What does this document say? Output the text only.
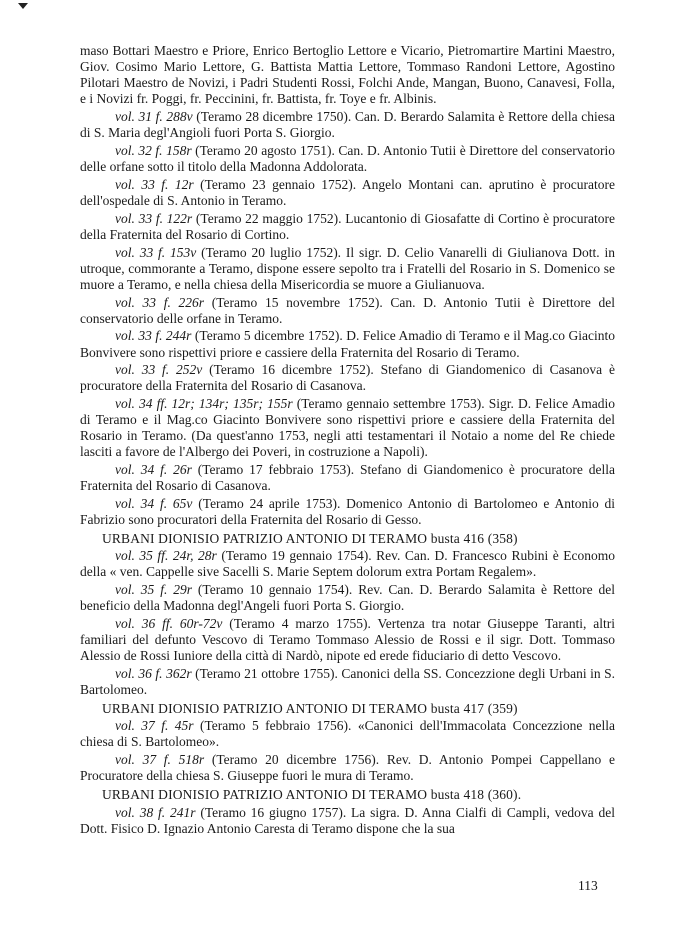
maso Bottari Maestro e Priore, Enrico Bertoglio Lettore e Vicario, Pietromartire Martini Maestro, Giov. Cosimo Mario Lettore, G. Battista Mattia Lettore, Tommaso Randoni Lettore, Agostino Pilotari Maestro de Novizi, i Padri Studenti Rossi, Folchi Ande, Mangan, Buono, Canavesi, Folla, e i Novizi fr. Poggi, fr. Peccinini, fr. Battista, fr. Toye e fr. Albinis.

vol. 31 f. 288v (Teramo 28 dicembre 1750). Can. D. Berardo Salamita è Rettore della chiesa di S. Maria degl'Angioli fuori Porta S. Giorgio.

vol. 32 f. 158r (Teramo 20 agosto 1751). Can. D. Antonio Tutii è Direttore del conservatorio delle orfane sotto il titolo della Madonna Addolorata.

vol. 33 f. 12r (Teramo 23 gennaio 1752). Angelo Montani can. aprutino è procuratore dell'ospedale di S. Antonio in Teramo.

vol. 33 f. 122r (Teramo 22 maggio 1752). Lucantonio di Giosafatte di Cortino è procuratore della Fraternita del Rosario di Cortino.

vol. 33 f. 153v (Teramo 20 luglio 1752). Il sigr. D. Celio Vanarelli di Giulianova Dott. in utroque, commorante a Teramo, dispone essere sepolto tra i Fratelli del Rosario in S. Domenico se muore a Teramo, e nella chiesa della Misericordia se muore a Giulianuova.

vol. 33 f. 226r (Teramo 15 novembre 1752). Can. D. Antonio Tutii è Direttore del conservatorio delle orfane in Teramo.

vol. 33 f. 244r (Teramo 5 dicembre 1752). D. Felice Amadio di Teramo e il Mag.co Giacinto Bonvivere sono rispettivi priore e cassiere della Fraternita del Rosario di Teramo.

vol. 33 f. 252v (Teramo 16 dicembre 1752). Stefano di Giandomenico di Casanova è procuratore della Fraternita del Rosario di Casanova.

vol. 34 ff. 12r; 134r; 135r; 155r (Teramo gennaio settembre 1753). Sigr. D. Felice Amadio di Teramo e il Mag.co Giacinto Bonvivere sono rispettivi priore e cassiere della Fraternita del Rosario in Teramo. (Da quest'anno 1753, negli atti testamentari il Notaio a nome del Re chiede lasciti a favore de l'Albergo dei Poveri, in costruzione a Napoli).

vol. 34 f. 26r (Teramo 17 febbraio 1753). Stefano di Giandomenico è procuratore della Fraternita del Rosario di Casanova.

vol. 34 f. 65v (Teramo 24 aprile 1753). Domenico Antonio di Bartolomeo e Antonio di Fabrizio sono procuratori della Fraternita del Rosario di Gesso.

URBANI DIONISIO PATRIZIO ANTONIO DI TERAMO busta 416 (358)

vol. 35 ff. 24r, 28r (Teramo 19 gennaio 1754). Rev. Can. D. Francesco Rubini è Economo della « ven. Cappelle sive Sacelli S. Marie Septem dolorum extra Portam Regalem».

vol. 35 f. 29r (Teramo 10 gennaio 1754). Rev. Can. D. Berardo Salamita è Rettore del beneficio della Madonna degl'Angeli fuori Porta S. Giorgio.

vol. 36 ff. 60r-72v (Teramo 4 marzo 1755). Vertenza tra notar Giuseppe Taranti, altri familiari del defunto Vescovo di Teramo Tommaso Alessio de Rossi e il sigr. Dott. Tommaso Alessio de Rossi Iuniore della città di Nardò, nipote ed erede fiduciario di detto Vescovo.

vol. 36 f. 362r (Teramo 21 ottobre 1755). Canonici della SS. Concezzione degli Urbani in S. Bartolomeo.

URBANI DIONISIO PATRIZIO ANTONIO DI TERAMO busta 417 (359)

vol. 37 f. 45r (Teramo 5 febbraio 1756). «Canonici dell'Immacolata Concezzione nella chiesa di S. Bartolomeo».

vol. 37 f. 518r (Teramo 20 dicembre 1756). Rev. D. Antonio Pompei Cappellano e Procuratore della chiesa S. Giuseppe fuori le mura di Teramo.

URBANI DIONISIO PATRIZIO ANTONIO DI TERAMO busta 418 (360).

vol. 38 f. 241r (Teramo 16 giugno 1757). La sigra. D. Anna Cialfi di Campli, vedova del Dott. Fisico D. Ignazio Antonio Caresta di Teramo dispone che la sua

113
